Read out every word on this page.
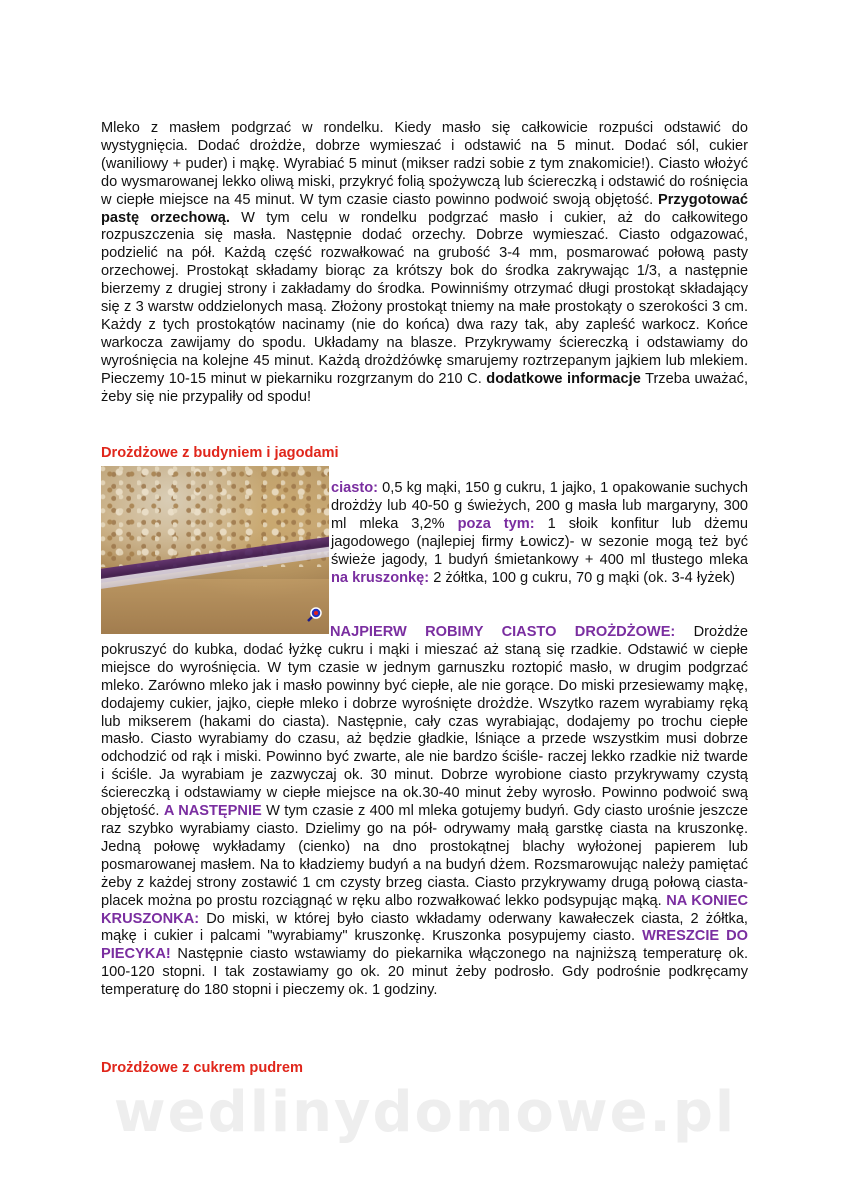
Mleko z masłem podgrzać w rondelku. Kiedy masło się całkowicie rozpuści odstawić do wystygnięcia. Dodać drożdże, dobrze wymieszać i odstawić na 5 minut. Dodać sól, cukier (waniliowy + puder) i mąkę. Wyrabiać 5 minut (mikser radzi sobie z tym znakomicie!). Ciasto włożyć do wysmarowanej lekko oliwą miski, przykryć folią spożywczą lub ściereczką i odstawić do rośnięcia w ciepłe miejsce na 45 minut. W tym czasie ciasto powinno podwoić swoją objętość. Przygotować pastę orzechową. W tym celu w rondelku podgrzać masło i cukier, aż do całkowitego rozpuszczenia się masła. Następnie dodać orzechy. Dobrze wymieszać. Ciasto odgazować, podzielić na pół. Każdą część rozwałkować na grubość 3-4 mm, posmarować połową pasty orzechowej. Prostokąt składamy biorąc za krótszy bok do środka zakrywając 1/3, a następnie bierzemy z drugiej strony i zakładamy do środka. Powinniśmy otrzymać długi prostokąt składający się z 3 warstw oddzielonych masą. Złożony prostokąt tniemy na małe prostokąty o szerokości 3 cm. Każdy z tych prostokątów nacinamy (nie do końca) dwa razy tak, aby zapleść warkocz. Końce warkocza zawijamy do spodu. Układamy na blasze. Przykrywamy ściereczką i odstawiamy do wyrośnięcia na kolejne 45 minut. Każdą drożdżówkę smarujemy roztrzepanym jajkiem lub mlekiem. Pieczemy 10-15 minut w piekarniku rozgrzanym do 210 C. dodatkowe informacje Trzeba uważać, żeby się nie przypaliły od spodu!

Drożdżowe z budyniem i jagodami

ciasto: 0,5 kg mąki, 150 g cukru, 1 jajko, 1 opakowanie suchych drożdży lub 40-50 g świeżych, 200 g masła lub margaryny, 300 ml mleka 3,2% poza tym: 1 słoik konfitur lub dżemu jagodowego (najlepiej firmy Łowicz)- w sezonie mogą też być świeże jagody, 1 budyń śmietankowy + 400 ml tłustego mleka na kruszonkę: 2 żółtka, 100 g cukru, 70 g mąki (ok. 3-4 łyżek)

NAJPIERW ROBIMY CIASTO DROŻDŻOWE: Drożdże pokruszyć do kubka, dodać łyżkę cukru i mąki i mieszać aż staną się rzadkie. Odstawić w ciepłe miejsce do wyrośnięcia. W tym czasie w jednym garnuszku roztopić masło, w drugim podgrzać mleko. Zarówno mleko jak i masło powinny być ciepłe, ale nie gorące. Do miski przesiewamy mąkę, dodajemy cukier, jajko, ciepłe mleko i dobrze wyrośnięte drożdże. Wszytko razem wyrabiamy ręką lub mikserem (hakami do ciasta). Następnie, cały czas wyrabiając, dodajemy po trochu ciepłe masło. Ciasto wyrabiamy do czasu, aż będzie gładkie, lśniące a przede wszystkim musi dobrze odchodzić od rąk i miski. Powinno być zwarte, ale nie bardzo ściśle- raczej lekko rzadkie niż twarde i ściśle. Ja wyrabiam je zazwyczaj ok. 30 minut. Dobrze wyrobione ciasto przykrywamy czystą ściereczką i odstawiamy w ciepłe miejsce na ok.30-40 minut żeby wyrosło. Powinno podwoić swą objętość. A NASTĘPNIE W tym czasie z 400 ml mleka gotujemy budyń. Gdy ciasto urośnie jeszcze raz szybko wyrabiamy ciasto. Dzielimy go na pół- odrywamy małą garstkę ciasta na kruszonkę. Jedną połowę wykładamy (cienko) na dno prostokątnej blachy wyłożonej papierem lub posmarowanej masłem. Na to kładziemy budyń a na budyń dżem. Rozsmarowując należy pamiętać żeby z każdej strony zostawić 1 cm czysty brzeg ciasta. Ciasto przykrywamy drugą połową ciasta- placek można po prostu rozciągnąć w ręku albo rozwałkować lekko podsypując mąką. NA KONIEC KRUSZONKA: Do miski, w której było ciasto wkładamy oderwany kawałeczek ciasta, 2 żółtka, mąkę i cukier i palcami "wyrabiamy" kruszonkę. Kruszonka posypujemy ciasto. WRESZCIE DO PIECYKA! Następnie ciasto wstawiamy do piekarnika włączonego na najniższą temperaturę ok. 100-120 stopni. I tak zostawiamy go ok. 20 minut żeby podrosło. Gdy podrośnie podkręcamy temperaturę do 180 stopni i pieczemy ok. 1 godziny.

Drożdżowe z cukrem pudrem
wedlinydomowe.pl
